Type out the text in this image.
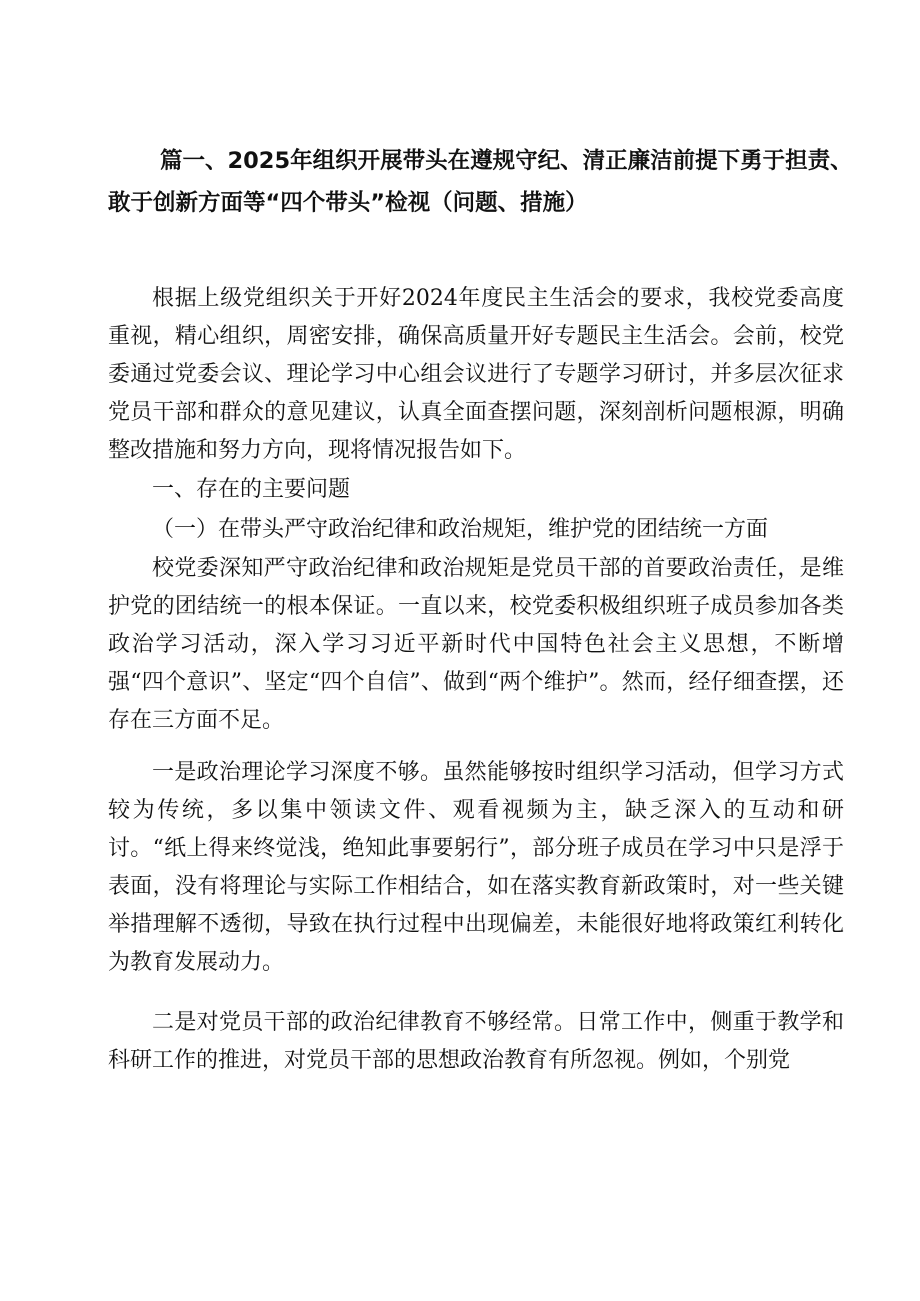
篇一、2025年组织开展带头在遵规守纪、清正廉洁前提下勇于担责、
敢于创新方面等“四个带头”检视（问题、措施）

根据上级党组织关于开好2024年度民主生活会的要求，我校党委高度重视，精心组织，周密安排，确保高质量开好专题民主生活会。会前，校党委通过党委会议、理论学习中心组会议进行了专题学习研讨，并多层次征求党员干部和群众的意见建议，认真全面查摆问题，深刻剖析问题根源，明确整改措施和努力方向，现将情况报告如下。

一、存在的主要问题

（一）在带头严守政治纪律和政治规矩，维护党的团结统一方面

校党委深知严守政治纪律和政治规矩是党员干部的首要政治责任，是维护党的团结统一的根本保证。一直以来，校党委积极组织班子成员参加各类政治学习活动，深入学习习近平新时代中国特色社会主义思想，不断增强“四个意识”、坚定“四个自信”、做到“两个维护”。然而，经仔细查摆，还存在三方面不足。

一是政治理论学习深度不够。虽然能够按时组织学习活动，但学习方式较为传统，多以集中领读文件、观看视频为主，缺乏深入的互动和研讨。“纸上得来终觉浅，绝知此事要躬行”，部分班子成员在学习中只是浮于表面，没有将理论与实际工作相结合，如在落实教育新政策时，对一些关键举措理解不透彻，导致在执行过程中出现偏差，未能很好地将政策红利转化为教育发展动力。

二是对党员干部的政治纪律教育不够经常。日常工作中，侧重于教学和科研工作的推进，对党员干部的思想政治教育有所忽视。例如，个别党
